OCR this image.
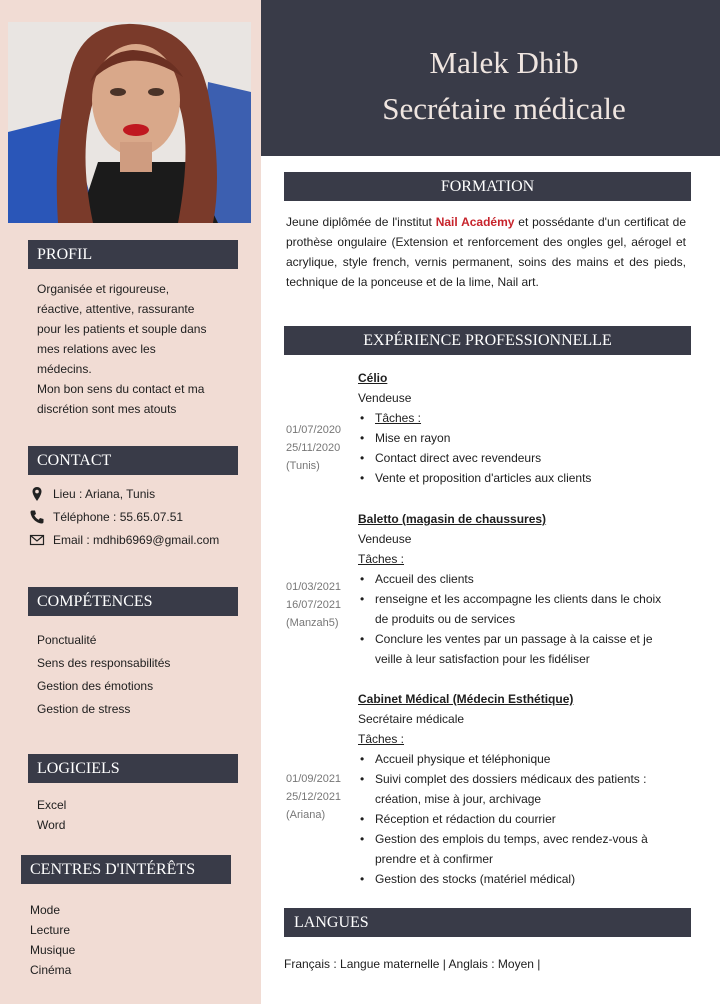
PROFIL
Organisée et rigoureuse,
réactive, attentive, rassurante
pour les patients et souple dans
mes relations avec les
médecins.
Mon bon sens du contact et ma
discrétion sont mes atouts
CONTACT
Lieu : Ariana, Tunis
Téléphone : 55.65.07.51
Email : mdhib6969@gmail.com
COMPÉTENCES
Ponctualité
Sens des responsabilités
Gestion des émotions
Gestion de stress
LOGICIELS
Excel
Word
CENTRES D'INTÉRÊTS
Mode
Lecture
Musique
Cinéma
Malek Dhib
Secrétaire médicale
FORMATION
Jeune diplômée de l'institut Nail Académy et possédante d'un certificat de prothèse ongulaire (Extension et renforcement des ongles gel, aérogel et acrylique, style french, vernis permanent, soins des mains et des pieds, technique de la ponceuse et de la lime, Nail art.
EXPÉRIENCE PROFESSIONNELLE
01/07/2020
25/11/2020
(Tunis)
Célio
Vendeuse
• Tâches :
• Mise en rayon
• Contact direct avec revendeurs
• Vente et proposition d'articles aux clients
01/03/2021
16/07/2021
(Manzah5)
Baletto (magasin de chaussures)
Vendeuse
Tâches :
• Accueil des clients
• renseigne et les accompagne les clients dans le choix de produits ou de services
• Conclure les ventes par un passage à la caisse et je veille à leur satisfaction pour les fidéliser
01/09/2021
25/12/2021
(Ariana)
Cabinet Médical (Médecin Esthétique)
Secrétaire médicale
Tâches :
• Accueil physique et téléphonique
• Suivi complet des dossiers médicaux des patients : création, mise à jour, archivage
• Réception et rédaction du courrier
• Gestion des emplois du temps, avec rendez-vous à prendre et à confirmer
• Gestion des stocks (matériel médical)
LANGUES
Français : Langue maternelle | Anglais : Moyen |
